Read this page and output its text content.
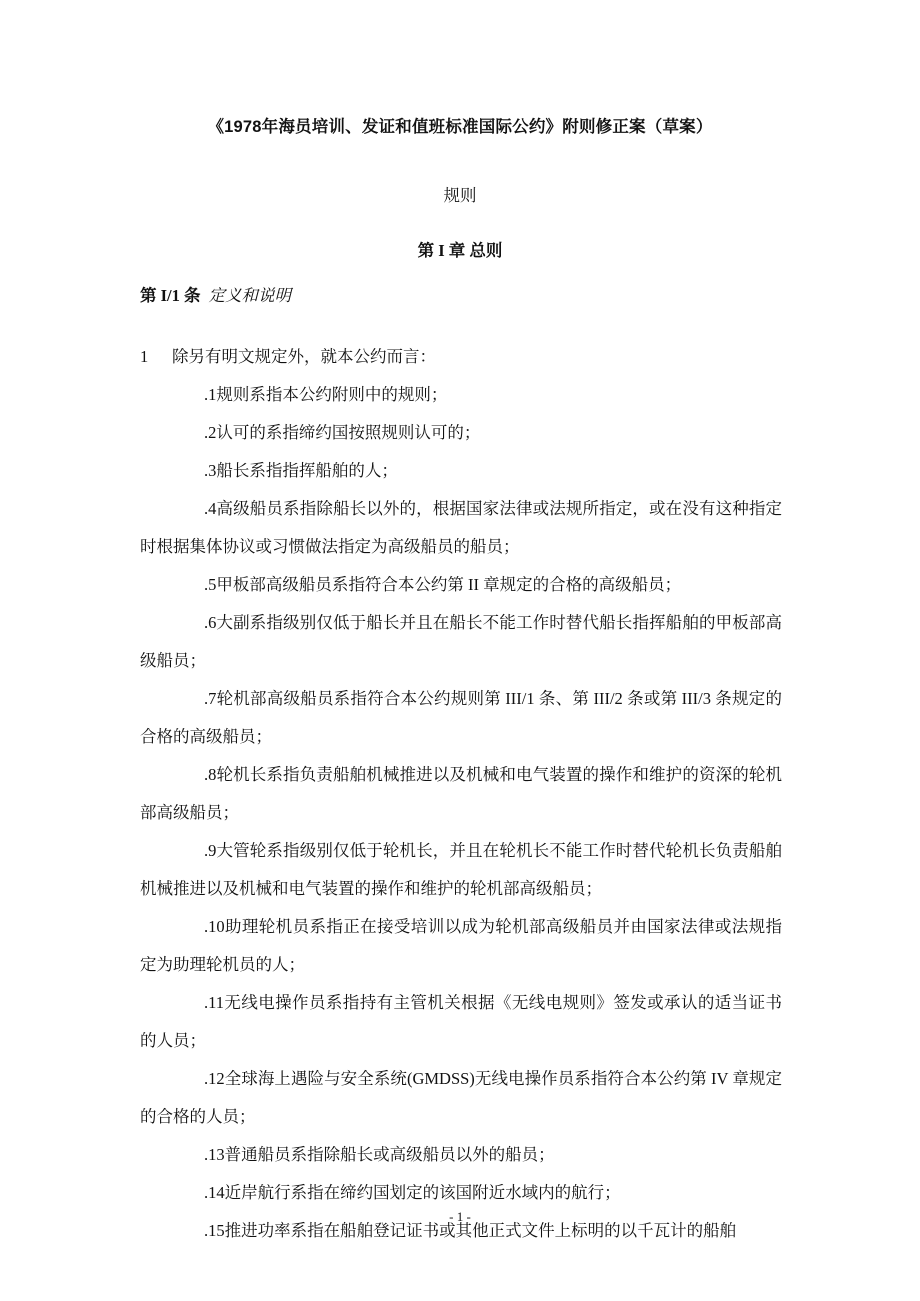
《1978年海员培训、发证和值班标准国际公约》附则修正案（草案）
规则
第 I 章 总则
第 I/1 条 定义和说明

1 除另有明文规定外，就本公约而言：

.1规则系指本公约附则中的规则；

.2认可的系指缔约国按照规则认可的；

.3船长系指指挥船舶的人；

.4高级船员系指除船长以外的，根据国家法律或法规所指定，或在没有这种指定时根据集体协议或习惯做法指定为高级船员的船员；

.5甲板部高级船员系指符合本公约第 II 章规定的合格的高级船员；

.6大副系指级别仅低于船长并且在船长不能工作时替代船长指挥船舶的甲板部高级船员；

.7轮机部高级船员系指符合本公约规则第 III/1 条、第 III/2 条或第 III/3 条规定的合格的高级船员；

.8轮机长系指负责船舶机械推进以及机械和电气装置的操作和维护的资深的轮机部高级船员；

.9大管轮系指级别仅低于轮机长，并且在轮机长不能工作时替代轮机长负责船舶机械推进以及机械和电气装置的操作和维护的轮机部高级船员；

.10助理轮机员系指正在接受培训以成为轮机部高级船员并由国家法律或法规指定为助理轮机员的人；

.11无线电操作员系指持有主管机关根据《无线电规则》签发或承认的适当证书的人员；

.12全球海上遇险与安全系统(GMDSS)无线电操作员系指符合本公约第 IV 章规定的合格的人员；

.13普通船员系指除船长或高级船员以外的船员；

.14近岸航行系指在缔约国划定的该国附近水域内的航行；

.15推进功率系指在船舶登记证书或其他正式文件上标明的以千瓦计的船舶

- 1 -
